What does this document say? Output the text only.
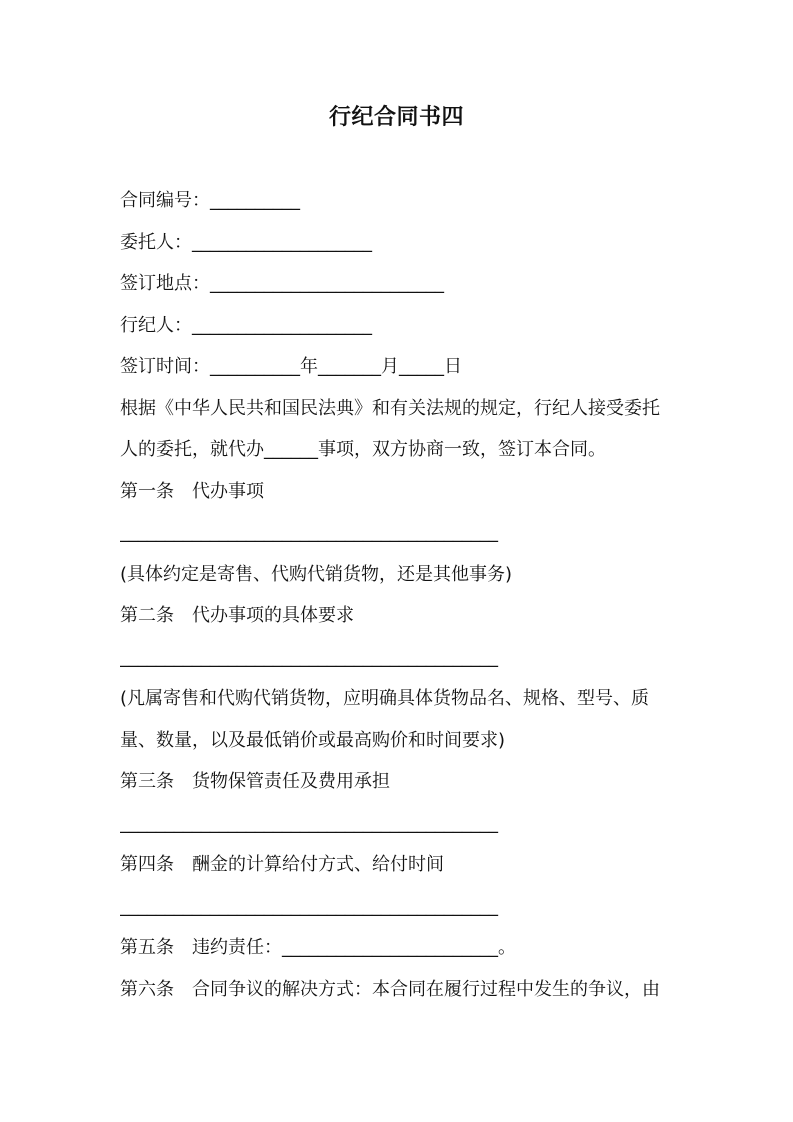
行纪合同书四
合同编号：__________
委托人：____________________
签订地点：__________________________
行纪人：____________________
签订时间：__________年_______月_____日
根据《中华人民共和国民法典》和有关法规的规定，行纪人接受委托
人的委托，就代办______事项，双方协商一致，签订本合同。
第一条　代办事项
__________________________________________
(具体约定是寄售、代购代销货物，还是其他事务)
第二条　代办事项的具体要求
__________________________________________
(凡属寄售和代购代销货物，应明确具体货物品名、规格、型号、质
量、数量，以及最低销价或最高购价和时间要求)
第三条　货物保管责任及费用承担
__________________________________________
第四条　酬金的计算给付方式、给付时间
__________________________________________
第五条　违约责任：________________________。
第六条　合同争议的解决方式：本合同在履行过程中发生的争议，由
